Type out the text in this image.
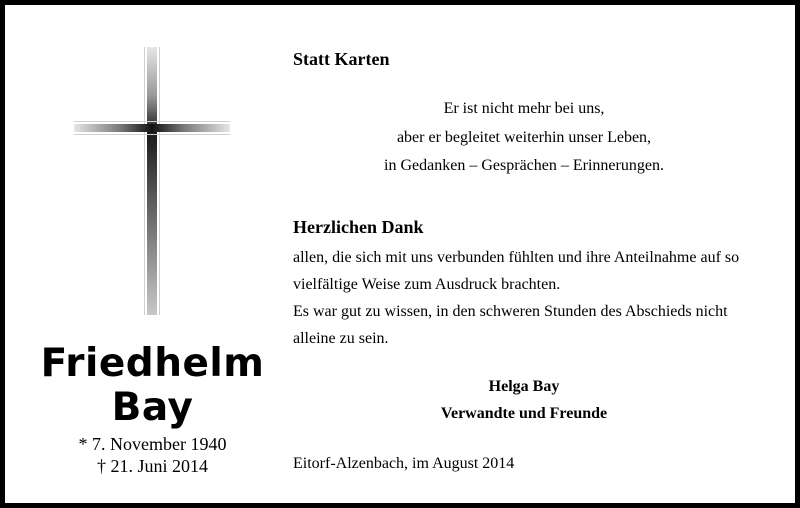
Friedhelm
Bay
* 7. November 1940
† 21. Juni 2014
Statt Karten
Er ist nicht mehr bei uns,
aber er begleitet weiterhin unser Leben,
in Gedanken – Gesprächen – Erinnerungen.
Herzlichen Dank
allen, die sich mit uns verbunden fühlten und ihre Anteilnahme auf so vielfältige Weise zum Ausdruck brachten.
Es war gut zu wissen, in den schweren Stunden des Abschieds nicht alleine zu sein.
Helga Bay
Verwandte und Freunde
Eitorf-Alzenbach, im August 2014
